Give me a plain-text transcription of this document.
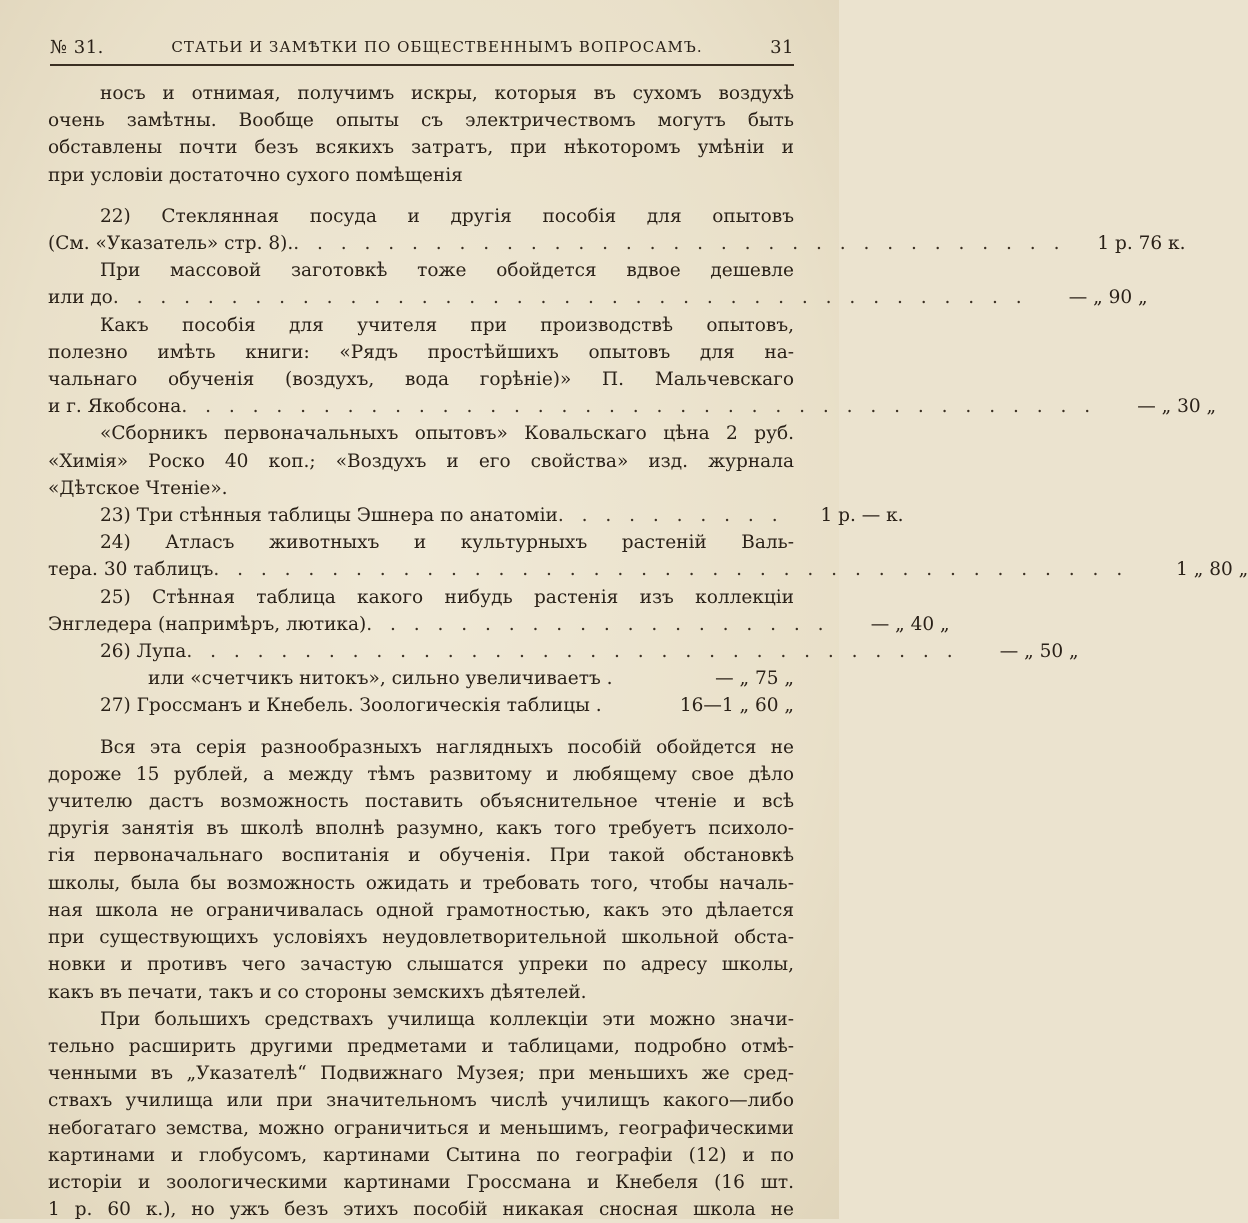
№ 31.	СТАТЬИ И ЗАМѢТКИ ПО ОБЩЕСТВЕННЫМЪ ВОПРОСАМЪ.	31
носъ и отнимая, получимъ искры, которыя въ сухомъ воздухѣ
очень замѣтны. Вообще опыты съ электричествомъ могутъ быть
обставлены почти безъ всякихъ затратъ, при нѣкоторомъ умѣнiи и
при условiи достаточно сухого помѣщенiя
22) Стеклянная посуда и другiя пособiя для опытовъ
(См. «Указатель» стр. 8). . . . . . . . . . . . . . . . . . . . . . . . . . . . . . . . . .	1 р. 76 к.
При массовой заготовкѣ тоже обойдется вдвое дешевле
или до . . . . . . . . . . . . . . . . . . . . . . . . . . . . . . . . . . . . . . .	— „ 90 „
Какъ пособiя для учителя при производствѣ опытовъ,
полезно имѣть книги: «Рядъ простѣйшихъ опытовъ для на-
чальнаго обученiя (воздухъ, вода горѣнiе)» П. Мальчевскаго
и г. Якобсона . . . . . . . . . . . . . . . . . . . . . . . . . . . . . . . . . . . . . . .	— „ 30 „
«Сборникъ первоначальныхъ опытовъ» Ковальскаго цѣна 2 руб.
«Химiя» Роско 40 коп.; «Воздухъ и его свойства» изд. журнала
«Дѣтское Чтенiе».
23) Три стѣнныя таблицы Эшнера по анатомiи . . . . . . . . . .	1 р. — к.
24) Атласъ животныхъ и культурныхъ растенiй Валь-
тера. 30 таблицъ . . . . . . . . . . . . . . . . . . . . . . . . . . . . . . . . . . . . . . .	1 „ 80 „
25) Стѣнная таблица какого нибудь растенiя изъ коллекцiи
Энгледера (напримѣръ, лютика) . . . . . . . . . . . . . . . . . . . .	— „ 40 „
26) Лупа . . . . . . . . . . . . . . . . . . . . . . . . . . . . . . . . .	— „ 50 „
или «счетчикъ нитокъ», сильно увеличиваетъ .	— „ 75 „
27) Гроссманъ и Кнебель. Зоологическiя таблицы .	16—1 „ 60 „
Вся эта серiя разнообразныхъ наглядныхъ пособiй обойдется не
дороже 15 рублей, а между тѣмъ развитому и любящему свое дѣло
учителю дастъ возможность поставить объяснительное чтенiе и всѣ
другiя занятiя въ школѣ вполнѣ разумно, какъ того требуетъ психоло-
гiя первоначальнаго воспитанiя и обученiя. При такой обстановкѣ
школы, была бы возможность ожидать и требовать того, чтобы началь-
ная школа не ограничивалась одной грамотностью, какъ это дѣлается
при существующихъ условiяхъ неудовлетворительной школьной обста-
новки и противъ чего зачастую слышатся упреки по адресу школы,
какъ въ печати, такъ и со стороны земскихъ дѣятелей.
При большихъ средствахъ училища коллекцiи эти можно значи-
тельно расширить другими предметами и таблицами, подробно отмѣ-
ченными въ „Указателѣ“ Подвижнаго Музея; при меньшихъ же сред-
ствахъ училища или при значительномъ числѣ училищъ какого—либо
небогатаго земства, можно ограничиться и меньшимъ, географическими
картинами и глобусомъ, картинами Сытина по географiи (12) и по
исторiи и зоологическими картинами Гроссмана и Кнебеля (16 шт.
1 р. 60 к.), но ужъ безъ этихъ пособiй никакая сносная школа не
